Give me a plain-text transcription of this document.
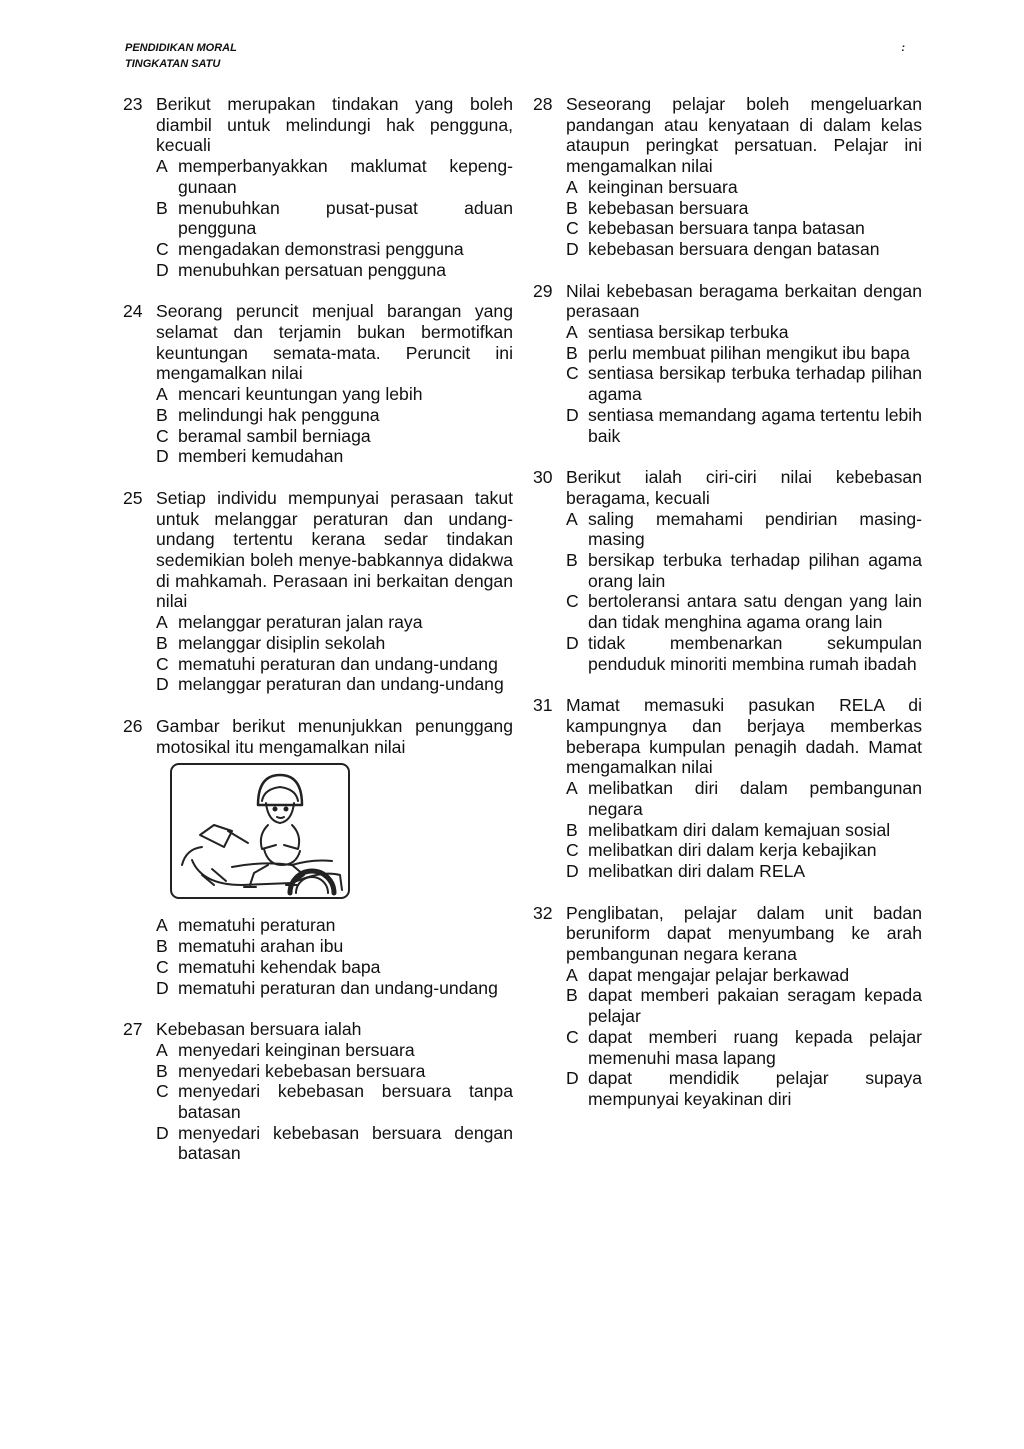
PENDIDIKAN MORAL
TINGKATAN SATU
:
23 Berikut merupakan tindakan yang boleh diambil untuk melindungi hak pengguna, kecuali
A memperbanyakkan maklumat kepeng-gunaan
B menubuhkan pusat-pusat aduan pengguna
C mengadakan demonstrasi pengguna
D menubuhkan persatuan pengguna
24 Seorang peruncit menjual barangan yang selamat dan terjamin bukan bermotifkan keuntungan semata-mata. Peruncit ini mengamalkan nilai
A mencari keuntungan yang lebih
B melindungi hak pengguna
C beramal sambil berniaga
D memberi kemudahan
25 Setiap individu mempunyai perasaan takut untuk melanggar peraturan dan undang-undang tertentu kerana sedar tindakan sedemikian boleh menye-babkannya didakwa di mahkamah. Perasaan ini berkaitan dengan nilai
A melanggar peraturan jalan raya
B melanggar disiplin sekolah
C mematuhi peraturan dan undang-undang
D melanggar peraturan dan undang-undang
26 Gambar berikut menunjukkan penunggang motosikal itu mengamalkan nilai
A mematuhi peraturan
B mematuhi arahan ibu
C mematuhi kehendak bapa
D mematuhi peraturan dan undang-undang
27 Kebebasan bersuara ialah
A menyedari keinginan bersuara
B menyedari kebebasan bersuara
C menyedari kebebasan bersuara tanpa batasan
D menyedari kebebasan bersuara dengan batasan
28 Seseorang pelajar boleh mengeluarkan pandangan atau kenyataan di dalam kelas ataupun peringkat persatuan. Pelajar ini mengamalkan nilai
A keinginan bersuara
B kebebasan bersuara
C kebebasan bersuara tanpa batasan
D kebebasan bersuara dengan batasan
29 Nilai kebebasan beragama berkaitan dengan perasaan
A sentiasa bersikap terbuka
B perlu membuat pilihan mengikut ibu bapa
C sentiasa bersikap terbuka terhadap pilihan agama
D sentiasa memandang agama tertentu lebih baik
30 Berikut ialah ciri-ciri nilai kebebasan beragama, kecuali
A saling memahami pendirian masing-masing
B bersikap terbuka terhadap pilihan agama orang lain
C bertoleransi antara satu dengan yang lain dan tidak menghina agama orang lain
D tidak membenarkan sekumpulan penduduk minoriti membina rumah ibadah
31 Mamat memasuki pasukan RELA di kampungnya dan berjaya memberkas beberapa kumpulan penagih dadah. Mamat mengamalkan nilai
A melibatkan diri dalam pembangunan negara
B melibatkam diri dalam kemajuan sosial
C melibatkan diri dalam kerja kebajikan
D melibatkan diri dalam RELA
32 Penglibatan, pelajar dalam unit badan beruniform dapat menyumbang ke arah pembangunan negara kerana
A dapat mengajar pelajar berkawad
B dapat memberi pakaian seragam kepada pelajar
C dapat memberi ruang kepada pelajar memenuhi masa lapang
D dapat mendidik pelajar supaya mempunyai keyakinan diri
